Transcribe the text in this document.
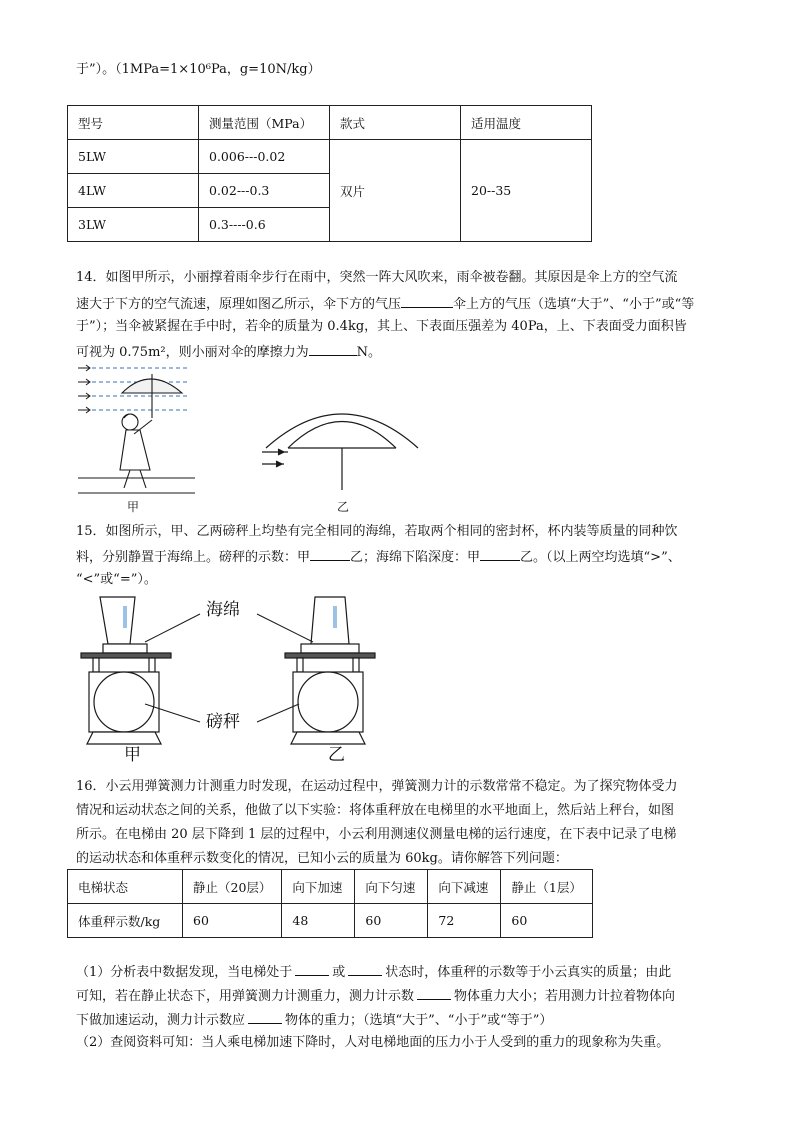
于”）。（1MPa=1×10⁶Pa，g=10N/kg）
型号	测量范围（MPa）	款式	适用温度
5LW	0.006---0.02	双片	20--35
4LW	0.02---0.3		
3LW	0.3----0.6		
14．如图甲所示，小丽撑着雨伞步行在雨中，突然一阵大风吹来，雨伞被卷翻。其原因是伞上方的空气流
速大于下方的空气流速，原理如图乙所示，伞下方的气压	伞上方的气压（选填“大于”、“小于”或“等
于”）；当伞被紧握在手中时，若伞的质量为 0.4kg，其上、下表面压强差为 40Pa，上、下表面受力面积皆
可视为 0.75m²，则小丽对伞的摩擦力为	N。
甲	乙
15．如图所示，甲、乙两磅秤上均垫有完全相同的海绵，若取两个相同的密封杯，杯内装等质量的同种饮
料，分别静置于海绵上。磅秤的示数：甲	乙；海绵下陷深度：甲	乙。（以上两空均选填“>”、
“<”或“=”）。
海绵
磅秤
甲	乙
16．小云用弹簧测力计测重力时发现，在运动过程中，弹簧测力计的示数常常不稳定。为了探究物体受力
情况和运动状态之间的关系，他做了以下实验：将体重秤放在电梯里的水平地面上，然后站上秤台，如图
所示。在电梯由 20 层下降到 1 层的过程中，小云利用测速仪测量电梯的运行速度，在下表中记录了电梯
的运动状态和体重秤示数变化的情况，已知小云的质量为 60kg。请你解答下列问题：
电梯状态	静止（20层）	向下加速	向下匀速	向下减速	静止（1层）
体重秤示数/kg	60	48	60	72	60
（1）分析表中数据发现，当电梯处于	或	状态时，体重秤的示数等于小云真实的质量；由此
可知，若在静止状态下，用弹簧测力计测重力，测力计示数	物体重力大小；若用测力计拉着物体向
下做加速运动，测力计示数应	物体的重力；（选填“大于”、“小于”或“等于”）
（2）查阅资料可知：当人乘电梯加速下降时，人对电梯地面的压力小于人受到的重力的现象称为失重。
